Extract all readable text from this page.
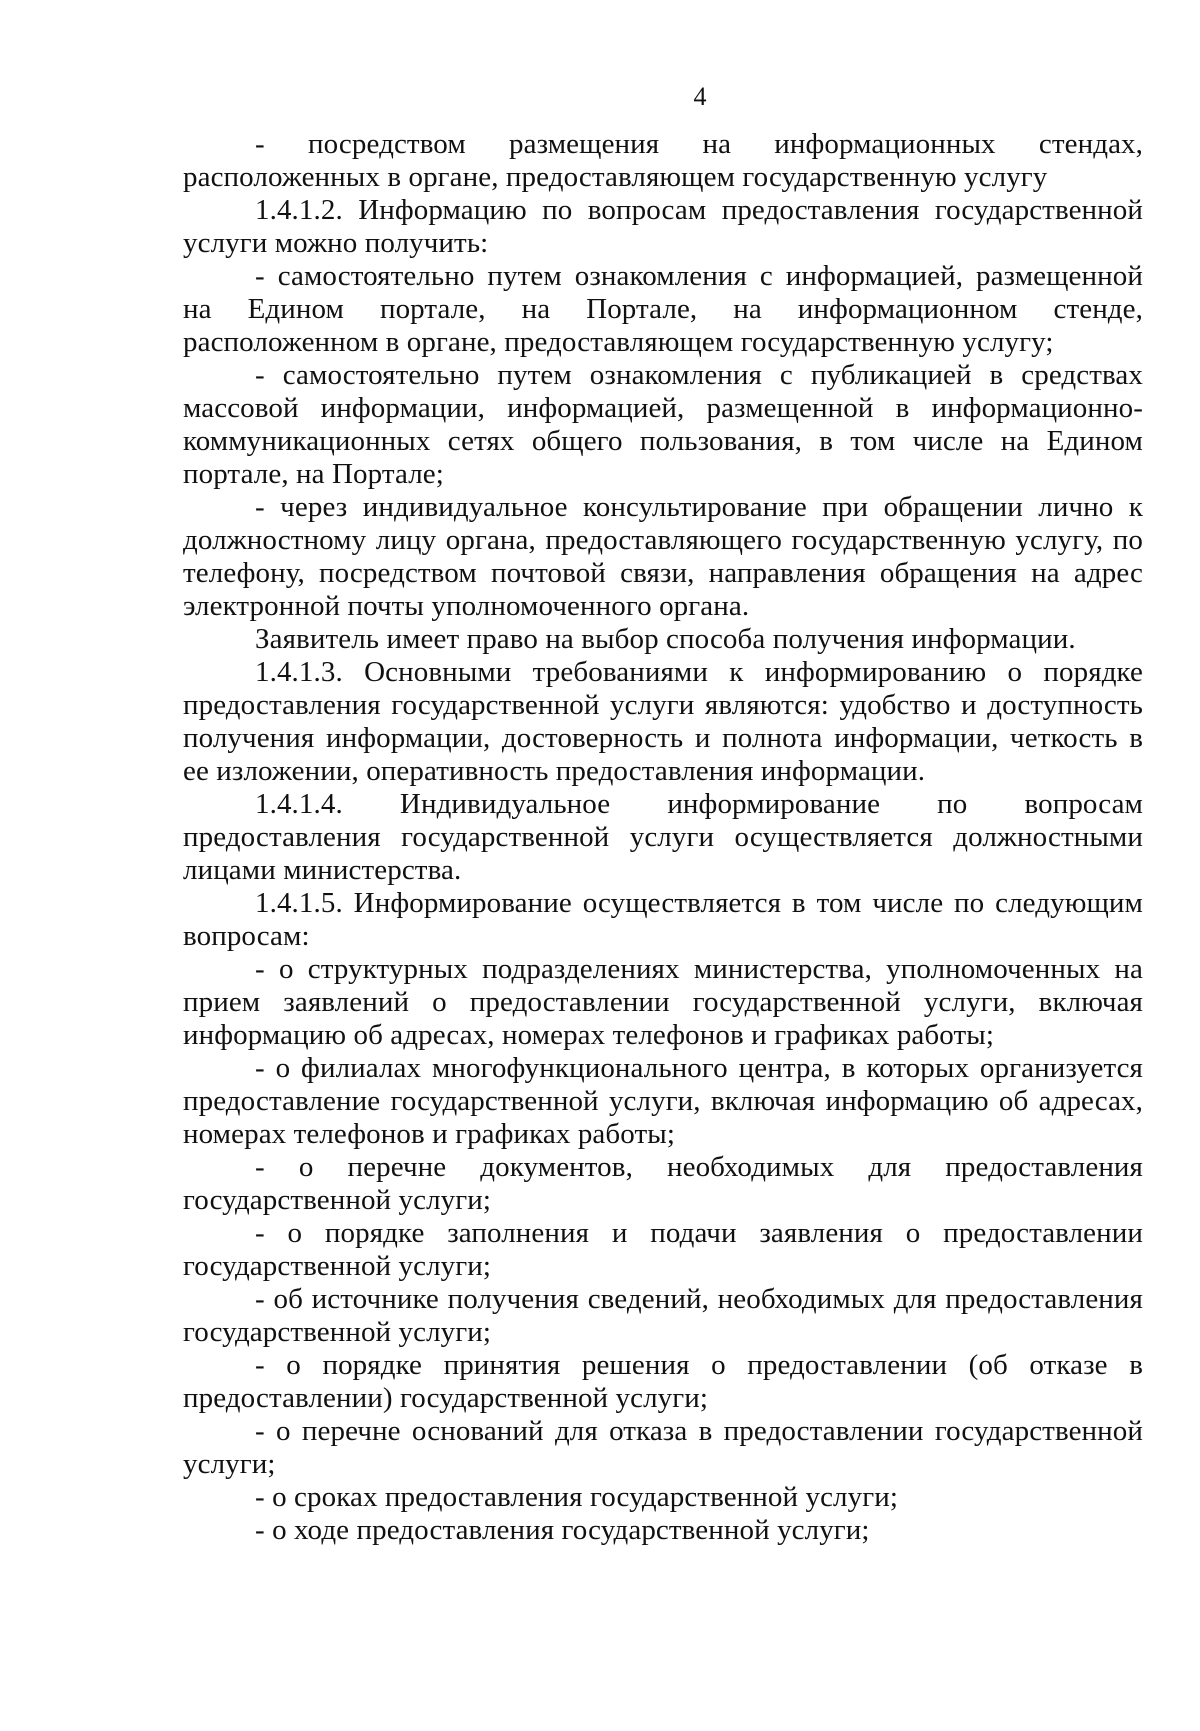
4

- посредством размещения на информационных стендах, расположенных в органе, предоставляющем государственную услугу

1.4.1.2. Информацию по вопросам предоставления государственной услуги можно получить:

- самостоятельно путем ознакомления с информацией, размещенной на Едином портале, на Портале, на информационном стенде, расположенном в органе, предоставляющем государственную услугу;

- самостоятельно путем ознакомления с публикацией в средствах массовой информации, информацией, размещенной в информационно-коммуникационных сетях общего пользования, в том числе на Едином портале, на Портале;

- через индивидуальное консультирование при обращении лично к должностному лицу органа, предоставляющего государственную услугу, по телефону, посредством почтовой связи, направления обращения на адрес электронной почты уполномоченного органа.

Заявитель имеет право на выбор способа получения информации.

1.4.1.3. Основными требованиями к информированию о порядке предоставления государственной услуги являются: удобство и доступность получения информации, достоверность и полнота информации, четкость в ее изложении, оперативность предоставления информации.

1.4.1.4. Индивидуальное информирование по вопросам предоставления государственной услуги осуществляется должностными лицами министерства.

1.4.1.5. Информирование осуществляется в том числе по следующим вопросам:

- о структурных подразделениях министерства, уполномоченных на прием заявлений о предоставлении государственной услуги, включая информацию об адресах, номерах телефонов и графиках работы;

- о филиалах многофункционального центра, в которых организуется предоставление государственной услуги, включая информацию об адресах, номерах телефонов и графиках работы;

- о перечне документов, необходимых для предоставления государственной услуги;

- о порядке заполнения и подачи заявления о предоставлении государственной услуги;

- об источнике получения сведений, необходимых для предоставления государственной услуги;

- о порядке принятия решения о предоставлении (об отказе в предоставлении) государственной услуги;

- о перечне оснований для отказа в предоставлении государственной услуги;

- о сроках предоставления государственной услуги;

- о ходе предоставления государственной услуги;
